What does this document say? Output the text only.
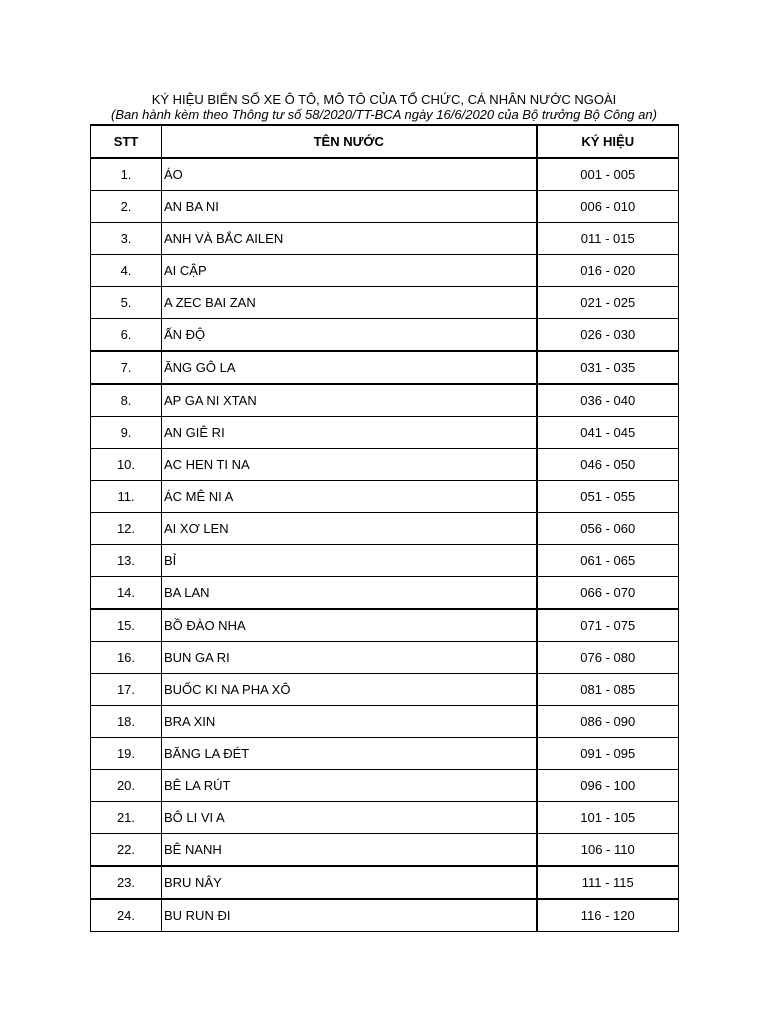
KÝ HIỆU BIỂN SỐ XE Ô TÔ, MÔ TÔ CỦA TỔ CHỨC, CÁ NHÂN NƯỚC NGOÀI
(Ban hành kèm theo Thông tư số 58/2020/TT-BCA ngày 16/6/2020 của Bộ trưởng Bộ Công an)
STT	TÊN NƯỚC	KÝ HIỆU
1.	ÁO	001 - 005
2.	AN BA NI	006 - 010
3.	ANH VÀ BẮC AILEN	011 - 015
4.	AI CẬP	016 - 020
5.	A ZEC BAI ZAN	021 - 025
6.	ẤN ĐỘ	026 - 030
7.	ĂNG GÔ LA	031 - 035
8.	AP GA NI XTAN	036 - 040
9.	AN GIÊ RI	041 - 045
10.	AC HEN TI NA	046 - 050
11.	ÁC MÊ NI A	051 - 055
12.	AI XƠ LEN	056 - 060
13.	BỈ	061 - 065
14.	BA LAN	066 - 070
15.	BỒ ĐÀO NHA	071 - 075
16.	BUN GA RI	076 - 080
17.	BUỐC KI NA PHA XÔ	081 - 085
18.	BRA XIN	086 - 090
19.	BĂNG LA ĐÉT	091 - 095
20.	BÊ LA RÚT	096 - 100
21.	BÔ LI VI A	101 - 105
22.	BÊ NANH	106 - 110
23.	BRU NÂY	111 - 115
24.	BU RUN ĐI	116 - 120
